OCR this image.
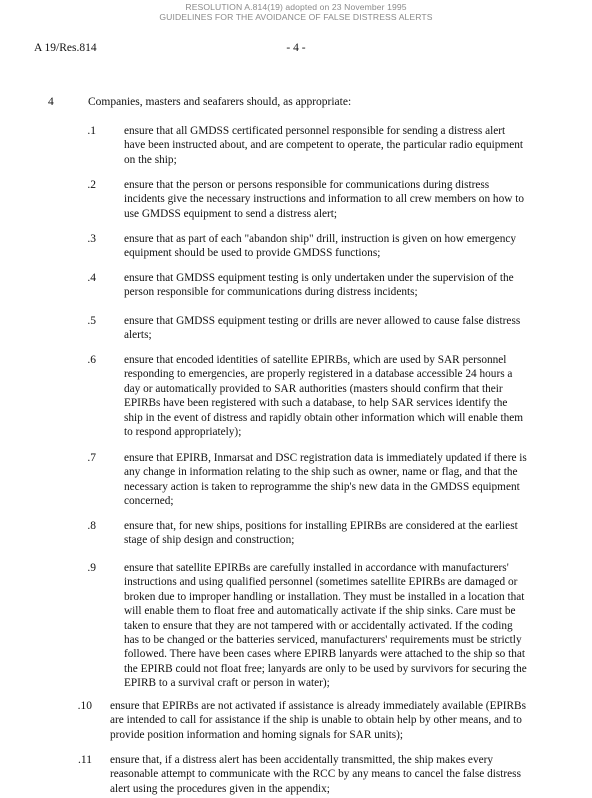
RESOLUTION A.814(19) adopted on 23 November 1995
GUIDELINES FOR THE AVOIDANCE OF FALSE DISTRESS ALERTS
A 19/Res.814	- 4 -
4	Companies, masters and seafarers should, as appropriate:
.1 ensure that all GMDSS certificated personnel responsible for sending a distress alert have been instructed about, and are competent to operate, the particular radio equipment on the ship;
.2 ensure that the person or persons responsible for communications during distress incidents give the necessary instructions and information to all crew members on how to use GMDSS equipment to send a distress alert;
.3 ensure that as part of each "abandon ship" drill, instruction is given on how emergency equipment should be used to provide GMDSS functions;
.4 ensure that GMDSS equipment testing is only undertaken under the supervision of the person responsible for communications during distress incidents;
.5 ensure that GMDSS equipment testing or drills are never allowed to cause false distress alerts;
.6 ensure that encoded identities of satellite EPIRBs, which are used by SAR personnel responding to emergencies, are properly registered in a database accessible 24 hours a day or automatically provided to SAR authorities (masters should confirm that their EPIRBs have been registered with such a database, to help SAR services identify the ship in the event of distress and rapidly obtain other information which will enable them to respond appropriately);
.7 ensure that EPIRB, Inmarsat and DSC registration data is immediately updated if there is any change in information relating to the ship such as owner, name or flag, and that the necessary action is taken to reprogramme the ship's new data in the GMDSS equipment concerned;
.8 ensure that, for new ships, positions for installing EPIRBs are considered at the earliest stage of ship design and construction;
.9 ensure that satellite EPIRBs are carefully installed in accordance with manufacturers' instructions and using qualified personnel (sometimes satellite EPIRBs are damaged or broken due to improper handling or installation. They must be installed in a location that will enable them to float free and automatically activate if the ship sinks. Care must be taken to ensure that they are not tampered with or accidentally activated. If the coding has to be changed or the batteries serviced, manufacturers' requirements must be strictly followed. There have been cases where EPIRB lanyards were attached to the ship so that the EPIRB could not float free; lanyards are only to be used by survivors for securing the EPIRB to a survival craft or person in water);
.10 ensure that EPIRBs are not activated if assistance is already immediately available (EPIRBs are intended to call for assistance if the ship is unable to obtain help by other means, and to provide position information and homing signals for SAR units);
.11 ensure that, if a distress alert has been accidentally transmitted, the ship makes every reasonable attempt to communicate with the RCC by any means to cancel the false distress alert using the procedures given in the appendix;
